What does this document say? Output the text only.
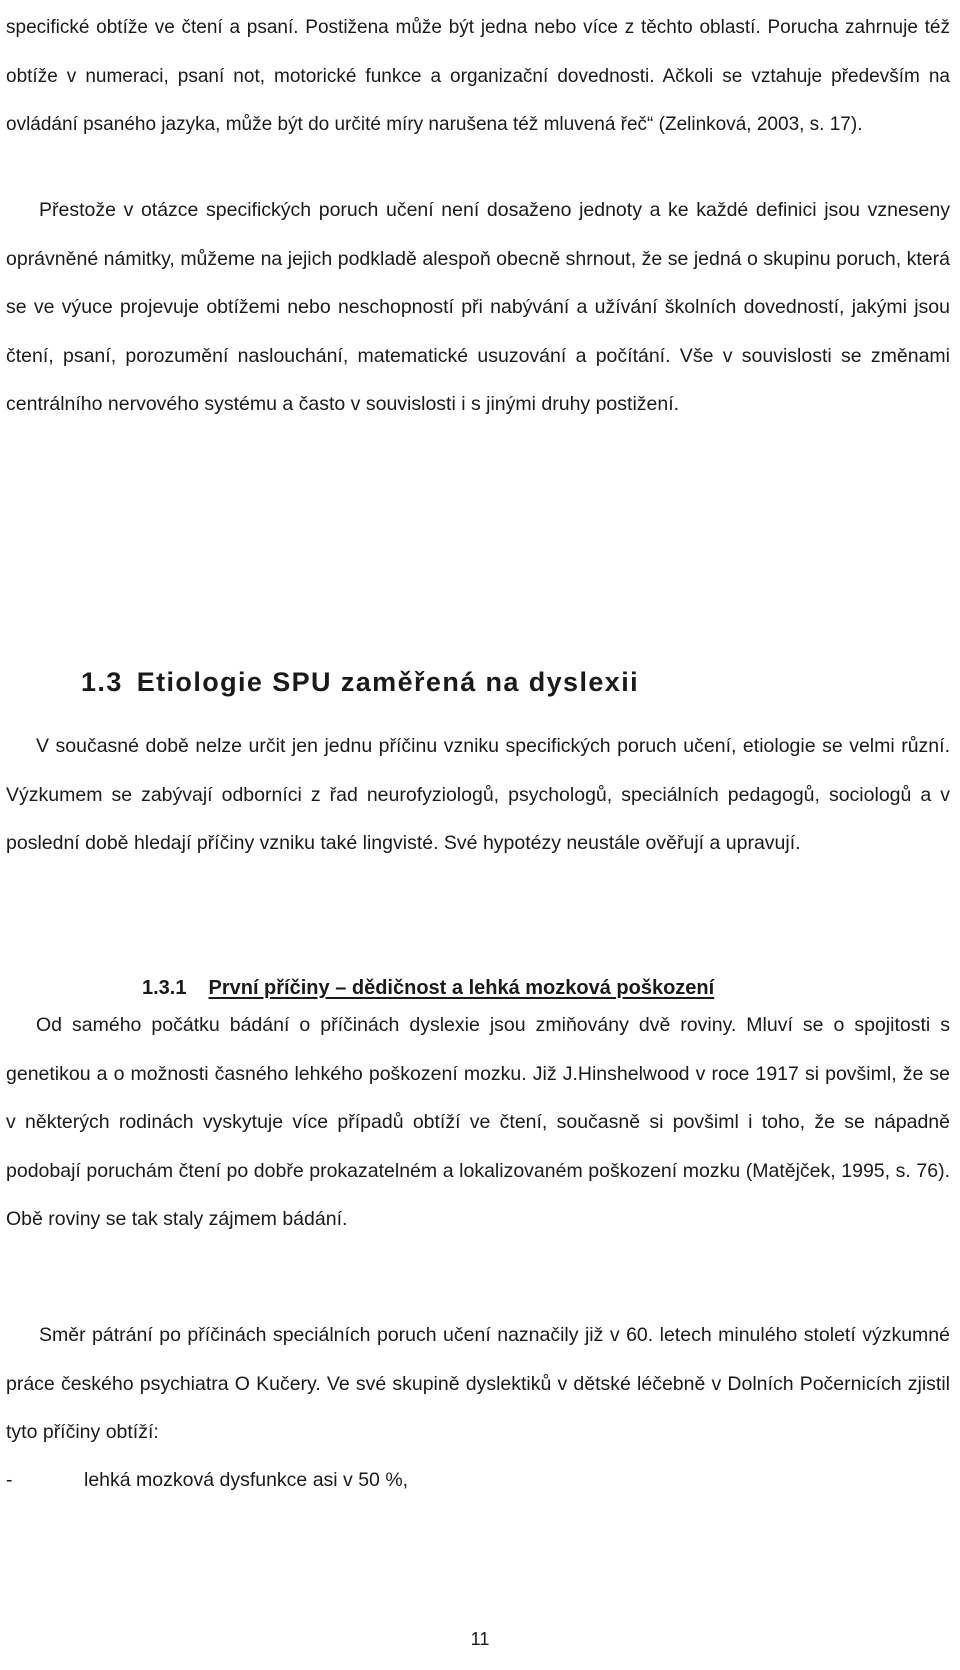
specifické obtíže ve čtení a psaní. Postižena může být jedna nebo více z těchto oblastí. Porucha zahrnuje též obtíže v numeraci, psaní not, motorické funkce a organizační dovednosti. Ačkoli se vztahuje především na ovládání psaného jazyka, může být do určité míry narušena též mluvená řeč“ (Zelinková, 2003, s. 17).

Přestože v otázce specifických poruch učení není dosaženo jednoty a ke každé definici jsou vzneseny oprávněné námitky, můžeme na jejich podkladě alespoň obecně shrnout, že se jedná o skupinu poruch, která se ve výuce projevuje obtížemi nebo neschopností při nabývání a užívání školních dovedností, jakými jsou čtení, psaní, porozumění naslouchání, matematické usuzování a počítání. Vše v souvislosti se změnami centrálního nervového systému a často v souvislosti i s jinými druhy postižení.

1.3 Etiologie SPU zaměřená na dyslexii

V současné době nelze určit jen jednu příčinu vzniku specifických poruch učení, etiologie se velmi různí. Výzkumem se zabývají odborníci z řad neurofyziologů, psychologů, speciálních pedagogů, sociologů a v poslední době hledají příčiny vzniku také lingvisté. Své hypotézy neustále ověřují a upravují.

1.3.1 První příčiny – dědičnost a lehká mozková poškození

Od samého počátku bádání o příčinách dyslexie jsou zmiňovány dvě roviny. Mluví se o spojitosti s genetikou a o možnosti časného lehkého poškození mozku. Již J.Hinshelwood v roce 1917 si povšiml, že se v některých rodinách vyskytuje více případů obtíží ve čtení, současně si povšiml i toho, že se nápadně podobají poruchám čtení po dobře prokazatelném a lokalizovaném poškození mozku (Matějček, 1995, s. 76). Obě roviny se tak staly zájmem bádání.

Směr pátrání po příčinách speciálních poruch učení naznačily již v 60. letech minulého století výzkumné práce českého psychiatra O Kučery. Ve své skupině dyslektiků v dětské léčebně v Dolních Počernicích zjistil tyto příčiny obtíží:

-	lehká mozková dysfunkce asi v 50 %,

11
